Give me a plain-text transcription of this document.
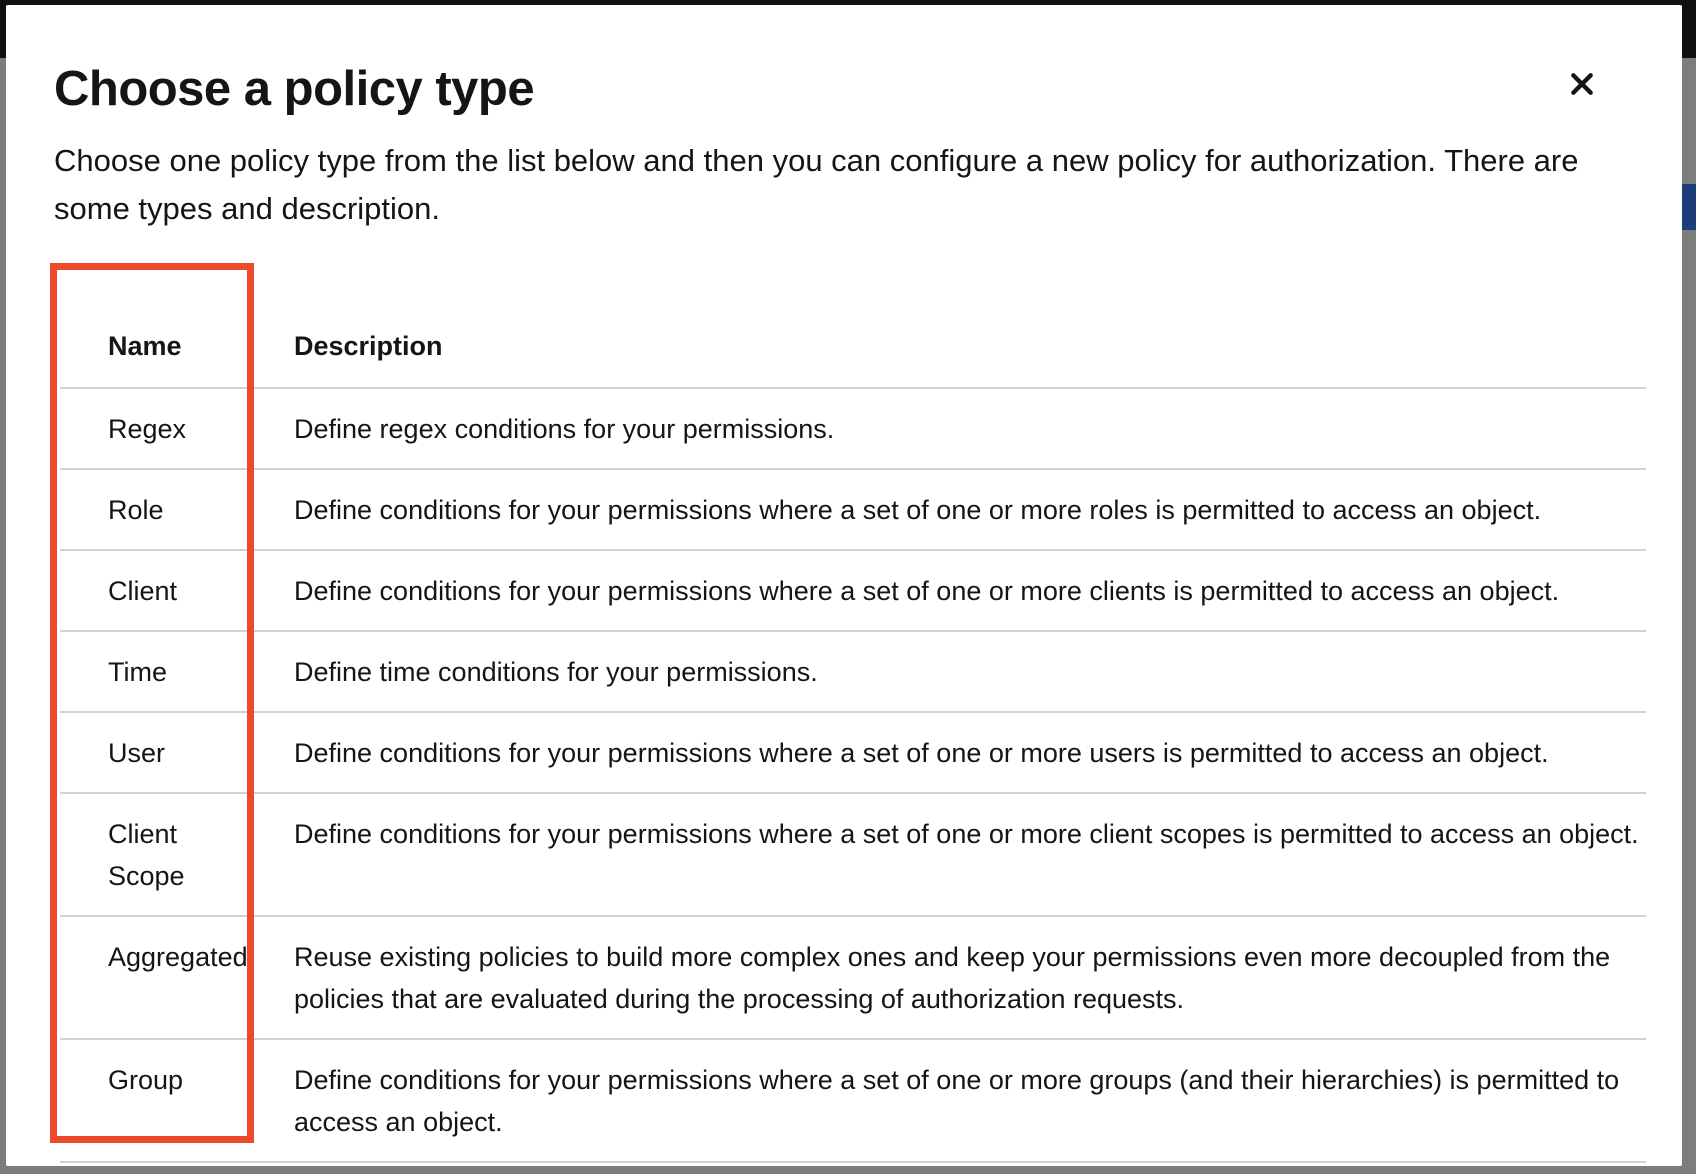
Choose a policy type

Choose one policy type from the list below and then you can configure a new policy for authorization. There are some types and description.

Name	Description

Regex	Define regex conditions for your permissions.

Role	Define conditions for your permissions where a set of one or more roles is permitted to access an object.

Client	Define conditions for your permissions where a set of one or more clients is permitted to access an object.

Time	Define time conditions for your permissions.

User	Define conditions for your permissions where a set of one or more users is permitted to access an object.

Client Scope	Define conditions for your permissions where a set of one or more client scopes is permitted to access an object.

Aggregated	Reuse existing policies to build more complex ones and keep your permissions even more decoupled from the policies that are evaluated during the processing of authorization requests.

Group	Define conditions for your permissions where a set of one or more groups (and their hierarchies) is permitted to access an object.
